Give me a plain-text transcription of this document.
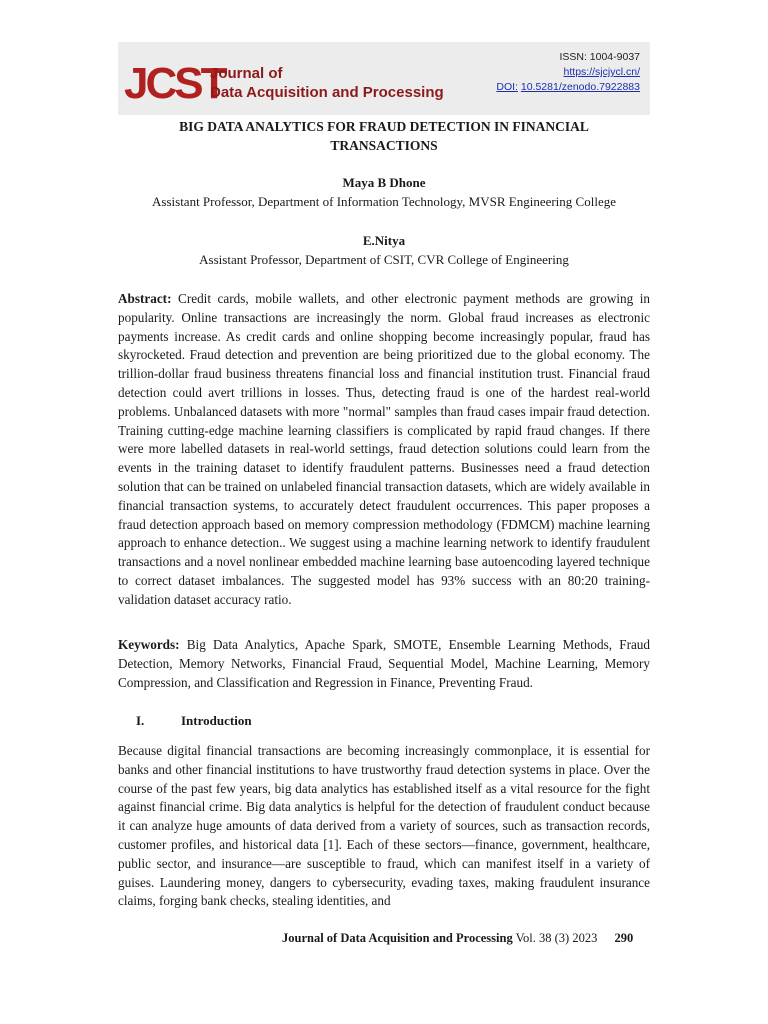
JCST
Journal of
Data Acquisition and Processing
ISSN: 1004-9037
https://sjcjycl.cn/
DOI: 10.5281/zenodo.7922883
BIG DATA ANALYTICS FOR FRAUD DETECTION IN FINANCIAL
TRANSACTIONS
Maya B Dhone
Assistant Professor, Department of Information Technology, MVSR Engineering College
E.Nitya
Assistant Professor, Department of CSIT, CVR College of Engineering
Abstract: Credit cards, mobile wallets, and other electronic payment methods are growing in popularity. Online transactions are increasingly the norm. Global fraud increases as electronic payments increase. As credit cards and online shopping become increasingly popular, fraud has skyrocketed. Fraud detection and prevention are being prioritized due to the global economy. The trillion-dollar fraud business threatens financial loss and financial institution trust. Financial fraud detection could avert trillions in losses. Thus, detecting fraud is one of the hardest real-world problems. Unbalanced datasets with more "normal" samples than fraud cases impair fraud detection. Training cutting-edge machine learning classifiers is complicated by rapid fraud changes. If there were more labelled datasets in real-world settings, fraud detection solutions could learn from the events in the training dataset to identify fraudulent patterns. Businesses need a fraud detection solution that can be trained on unlabeled financial transaction datasets, which are widely available in financial transaction systems, to accurately detect fraudulent occurrences. This paper proposes a fraud detection approach based on memory compression methodology (FDMCM) machine learning approach to enhance detection.. We suggest using a machine learning network to identify fraudulent transactions and a novel nonlinear embedded machine learning base autoencoding layered technique to correct dataset imbalances. The suggested model has 93% success with an 80:20 training-validation dataset accuracy ratio.
Keywords: Big Data Analytics, Apache Spark, SMOTE, Ensemble Learning Methods, Fraud Detection, Memory Networks, Financial Fraud, Sequential Model, Machine Learning, Memory Compression, and Classification and Regression in Finance, Preventing Fraud.
I.	Introduction
Because digital financial transactions are becoming increasingly commonplace, it is essential for banks and other financial institutions to have trustworthy fraud detection systems in place. Over the course of the past few years, big data analytics has established itself as a vital resource for the fight against financial crime. Big data analytics is helpful for the detection of fraudulent conduct because it can analyze huge amounts of data derived from a variety of sources, such as transaction records, customer profiles, and historical data [1]. Each of these sectors—finance, government, healthcare, public sector, and insurance—are susceptible to fraud, which can manifest itself in a variety of guises. Laundering money, dangers to cybersecurity, evading taxes, making fraudulent insurance claims, forging bank checks, stealing identities, and
Journal of Data Acquisition and Processing Vol. 38 (3) 2023 290
